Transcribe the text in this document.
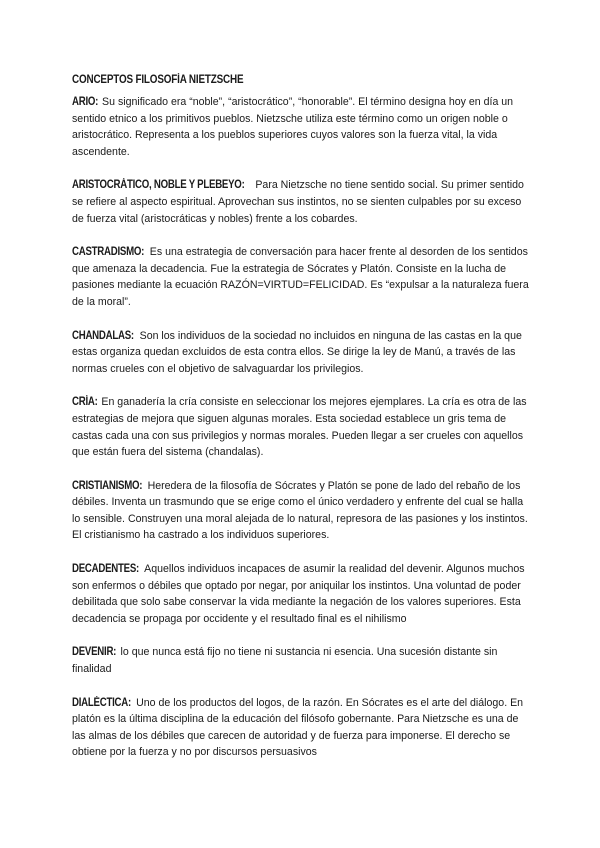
CONCEPTOS FILOSOFÍA NIETZSCHE

ARIO: Su significado era “noble”, “aristocrático”, “honorable”. El término designa hoy en día un sentido etnico a los primitivos pueblos. Nietzsche utiliza este término como un origen noble o aristocrático. Representa a los pueblos superiores cuyos valores son la fuerza vital, la vida ascendente.

ARISTOCRÁTICO, NOBLE Y PLEBEYO: Para Nietzsche no tiene sentido social. Su primer sentido se refiere al aspecto espiritual. Aprovechan sus instintos, no se sienten culpables por su exceso de fuerza vital (aristocráticas y nobles) frente a los cobardes.

CASTRADISMO: Es una estrategia de conversación para hacer frente al desorden de los sentidos que amenaza la decadencia. Fue la estrategia de Sócrates y Platón. Consiste en la lucha de pasiones mediante la ecuación RAZÓN=VIRTUD=FELICIDAD. Es “expulsar a la naturaleza fuera de la moral”.

CHANDALAS: Son los individuos de la sociedad no incluidos en ninguna de las castas en la que estas organiza quedan excluidos de esta contra ellos. Se dirige la ley de Manú, a través de las normas crueles con el objetivo de salvaguardar los privilegios.

CRÍA: En ganadería la cría consiste en seleccionar los mejores ejemplares. La cría es otra de las estrategias de mejora que siguen algunas morales. Esta sociedad establece un gris tema de castas cada una con sus privilegios y normas morales. Pueden llegar a ser crueles con aquellos que están fuera del sistema (chandalas).

CRISTIANISMO: Heredera de la filosofía de Sócrates y Platón se pone de lado del rebaño de los débiles. Inventa un trasmundo que se erige como el único verdadero y enfrente del cual se halla lo sensible. Construyen una moral alejada de lo natural, represora de las pasiones y los instintos.

El cristianismo ha castrado a los individuos superiores.

DECADENTES: Aquellos individuos incapaces de asumir la realidad del devenir. Algunos muchos son enfermos o débiles que optado por negar, por aniquilar los instintos. Una voluntad de poder debilitada que solo sabe conservar la vida mediante la negación de los valores superiores. Esta decadencia se propaga por occidente y el resultado final es el nihilismo

DEVENIR: lo que nunca está fijo no tiene ni sustancia ni esencia. Una sucesión distante sin finalidad

DIALÉCTICA: Uno de los productos del logos, de la razón. En Sócrates es el arte del diálogo. En platón es la última disciplina de la educación del filósofo gobernante. Para Nietzsche es una de las almas de los débiles que carecen de autoridad y de fuerza para imponerse. El derecho se obtiene por la fuerza y no por discursos persuasivos
